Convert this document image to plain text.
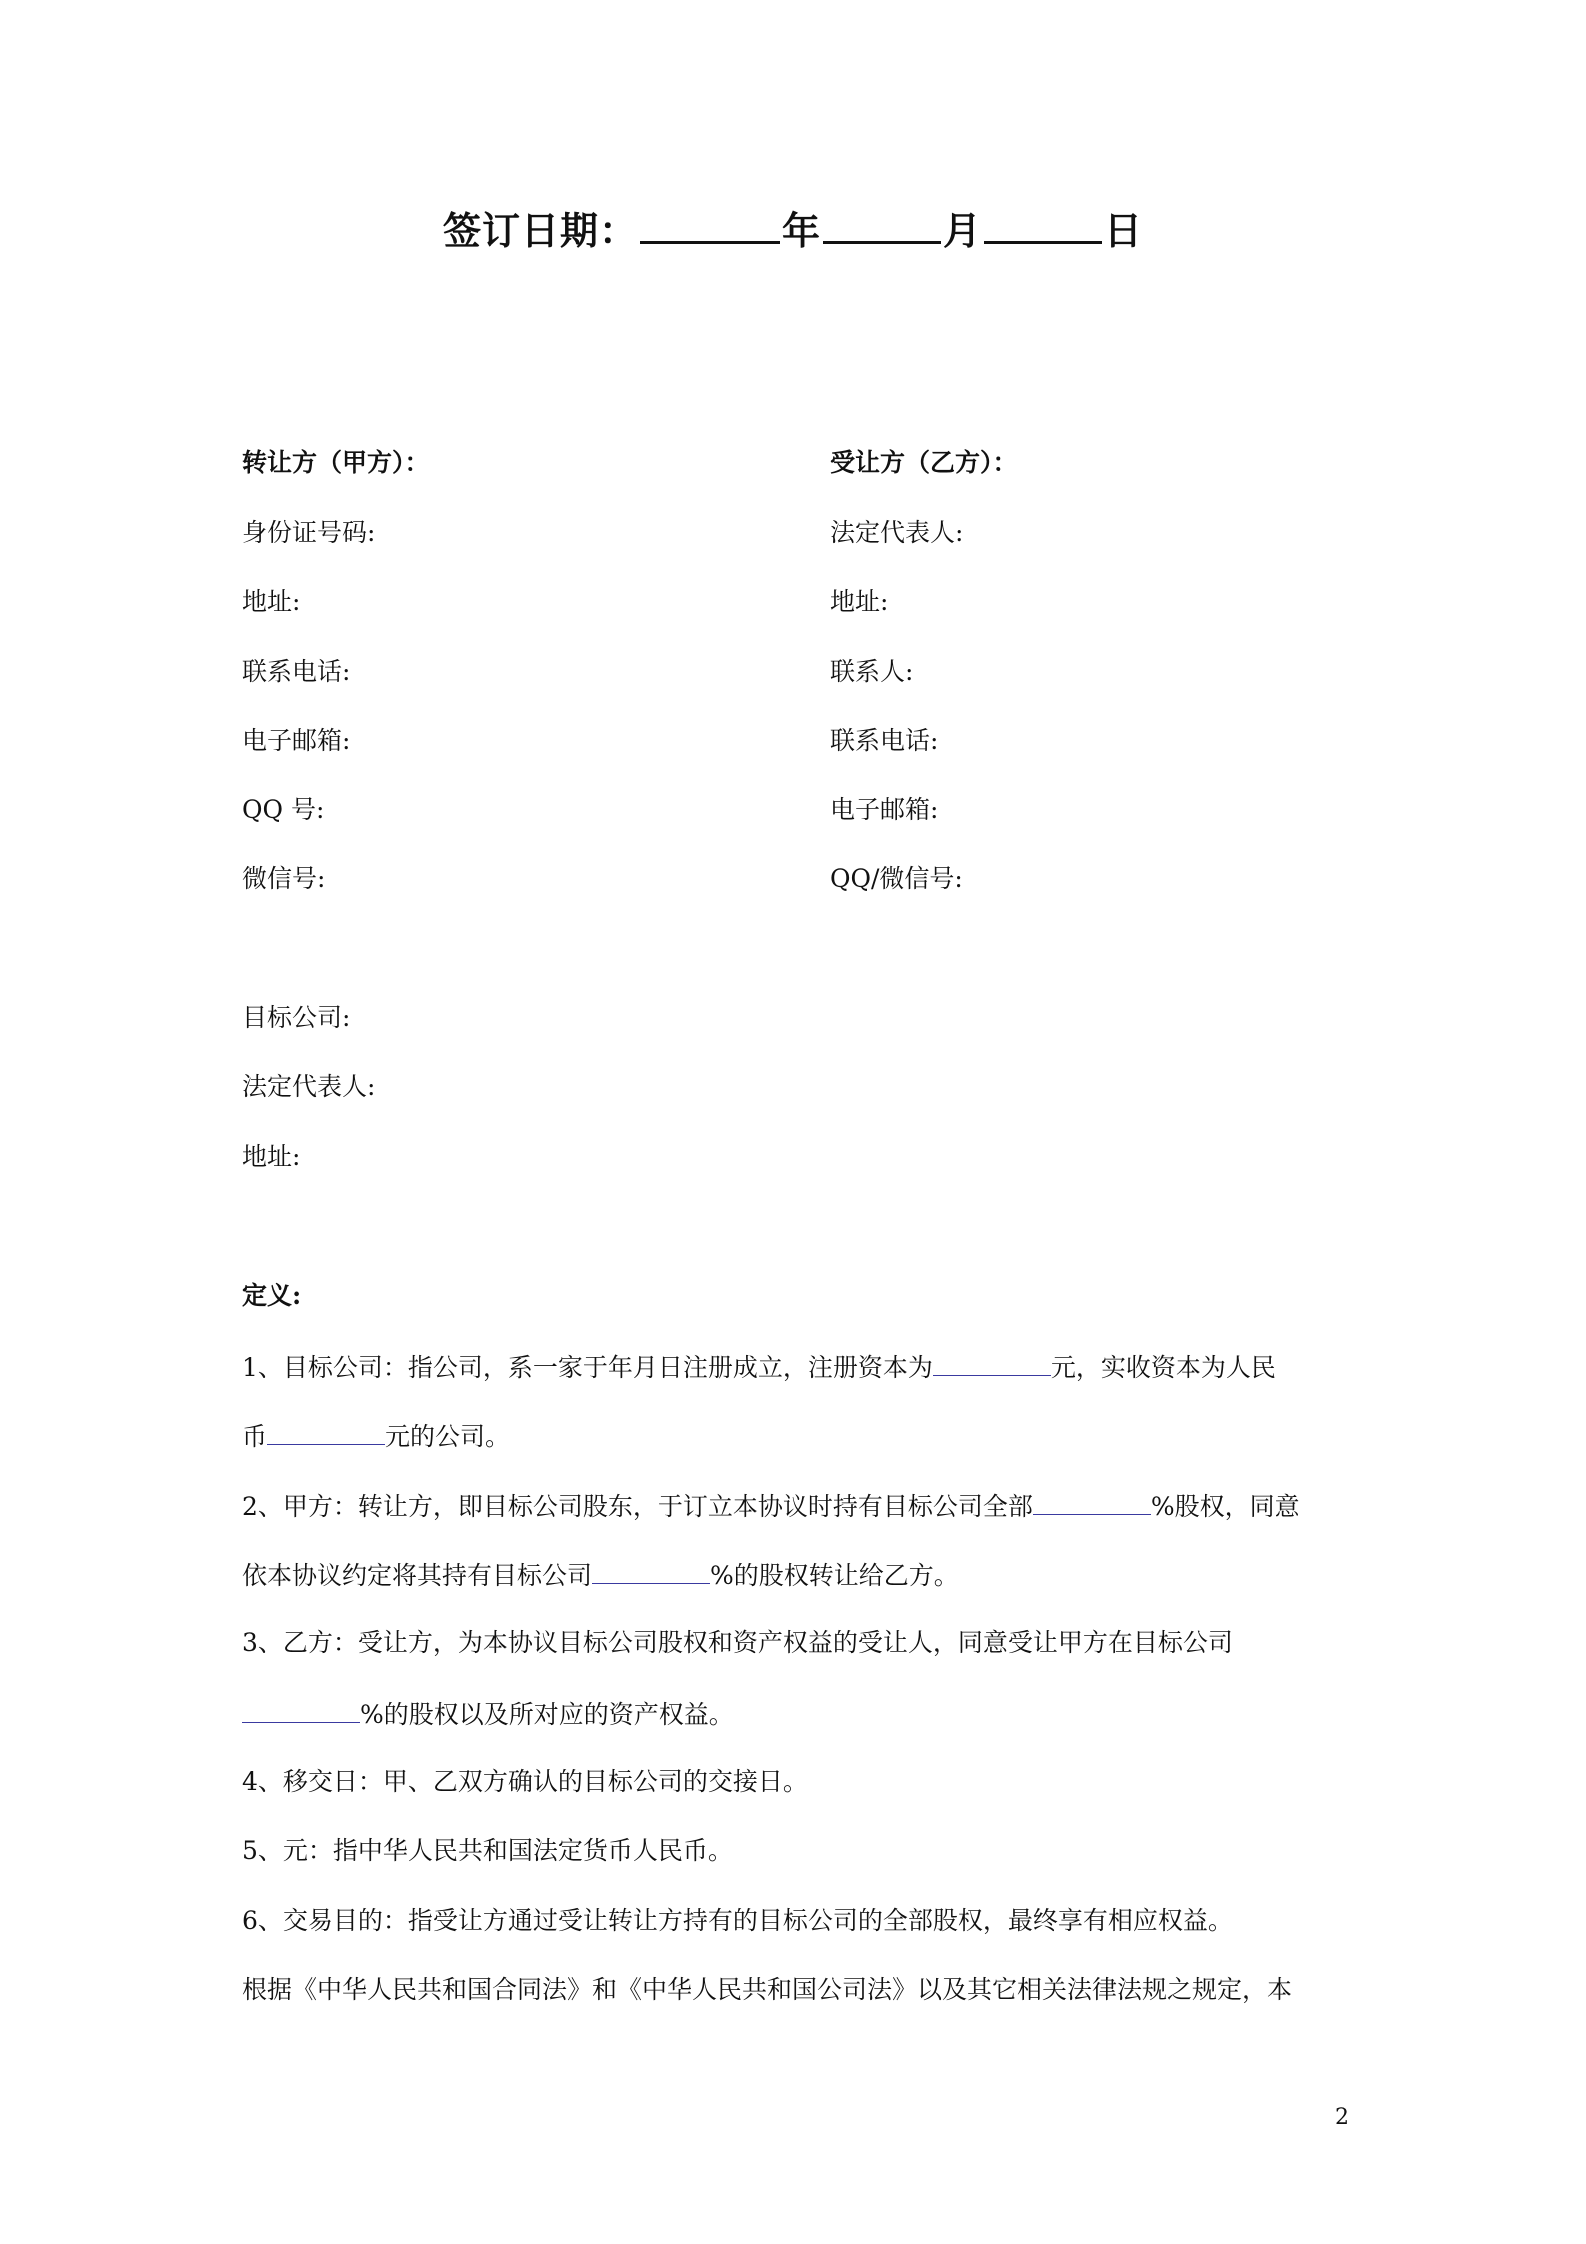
签订日期：	年	月	日
转让方（甲方）：
身份证号码:
地址:
联系电话:
电子邮箱:
QQ 号:
微信号:
受让方（乙方）：
法定代表人:
地址:
联系人:
联系电话:
电子邮箱:
QQ/微信号:
目标公司:
法定代表人:
地址:
定义:
1、目标公司：指公司，系一家于年月日注册成立，注册资本为	元，实收资本为人民
币	元的公司。
2、甲方：转让方，即目标公司股东，于订立本协议时持有目标公司全部	%股权，同意
依本协议约定将其持有目标公司	%的股权转让给乙方。
3、乙方：受让方，为本协议目标公司股权和资产权益的受让人，同意受让甲方在目标公司
%的股权以及所对应的资产权益。
4、移交日：甲、乙双方确认的目标公司的交接日。
5、元：指中华人民共和国法定货币人民币。
6、交易目的：指受让方通过受让转让方持有的目标公司的全部股权，最终享有相应权益。
根据《中华人民共和国合同法》和《中华人民共和国公司法》以及其它相关法律法规之规定，本
2
